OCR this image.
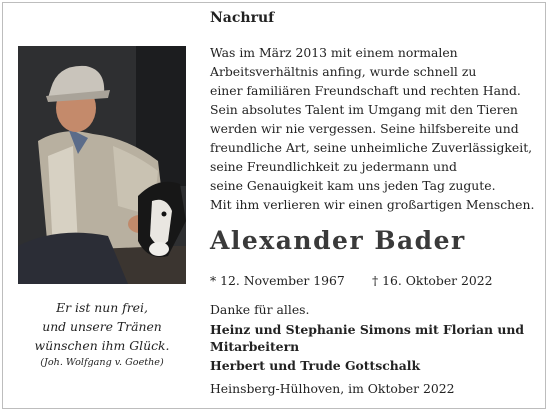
Nachruf
Was im März 2013 mit einem normalen
Arbeitsverhältnis anfing, wurde schnell zu
einer familiären Freundschaft und rechten Hand.
Sein absolutes Talent im Umgang mit den Tieren
werden wir nie vergessen. Seine hilfsbereite und
freundliche Art, seine unheimliche Zuverlässigkeit,
seine Freundlichkeit zu jedermann und
seine Genauigkeit kam uns jeden Tag zugute.
Mit ihm verlieren wir einen großartigen Menschen.
Alexander Bader
* 12. November 1967 † 16. Oktober 2022
Danke für alles.
Heinz und Stephanie Simons mit Florian und Mitarbeitern
Herbert und Trude Gottschalk
Heinsberg-Hülhoven, im Oktober 2022
Er ist nun frei,
und unsere Tränen
wünschen ihm Glück.
(Joh. Wolfgang v. Goethe)
